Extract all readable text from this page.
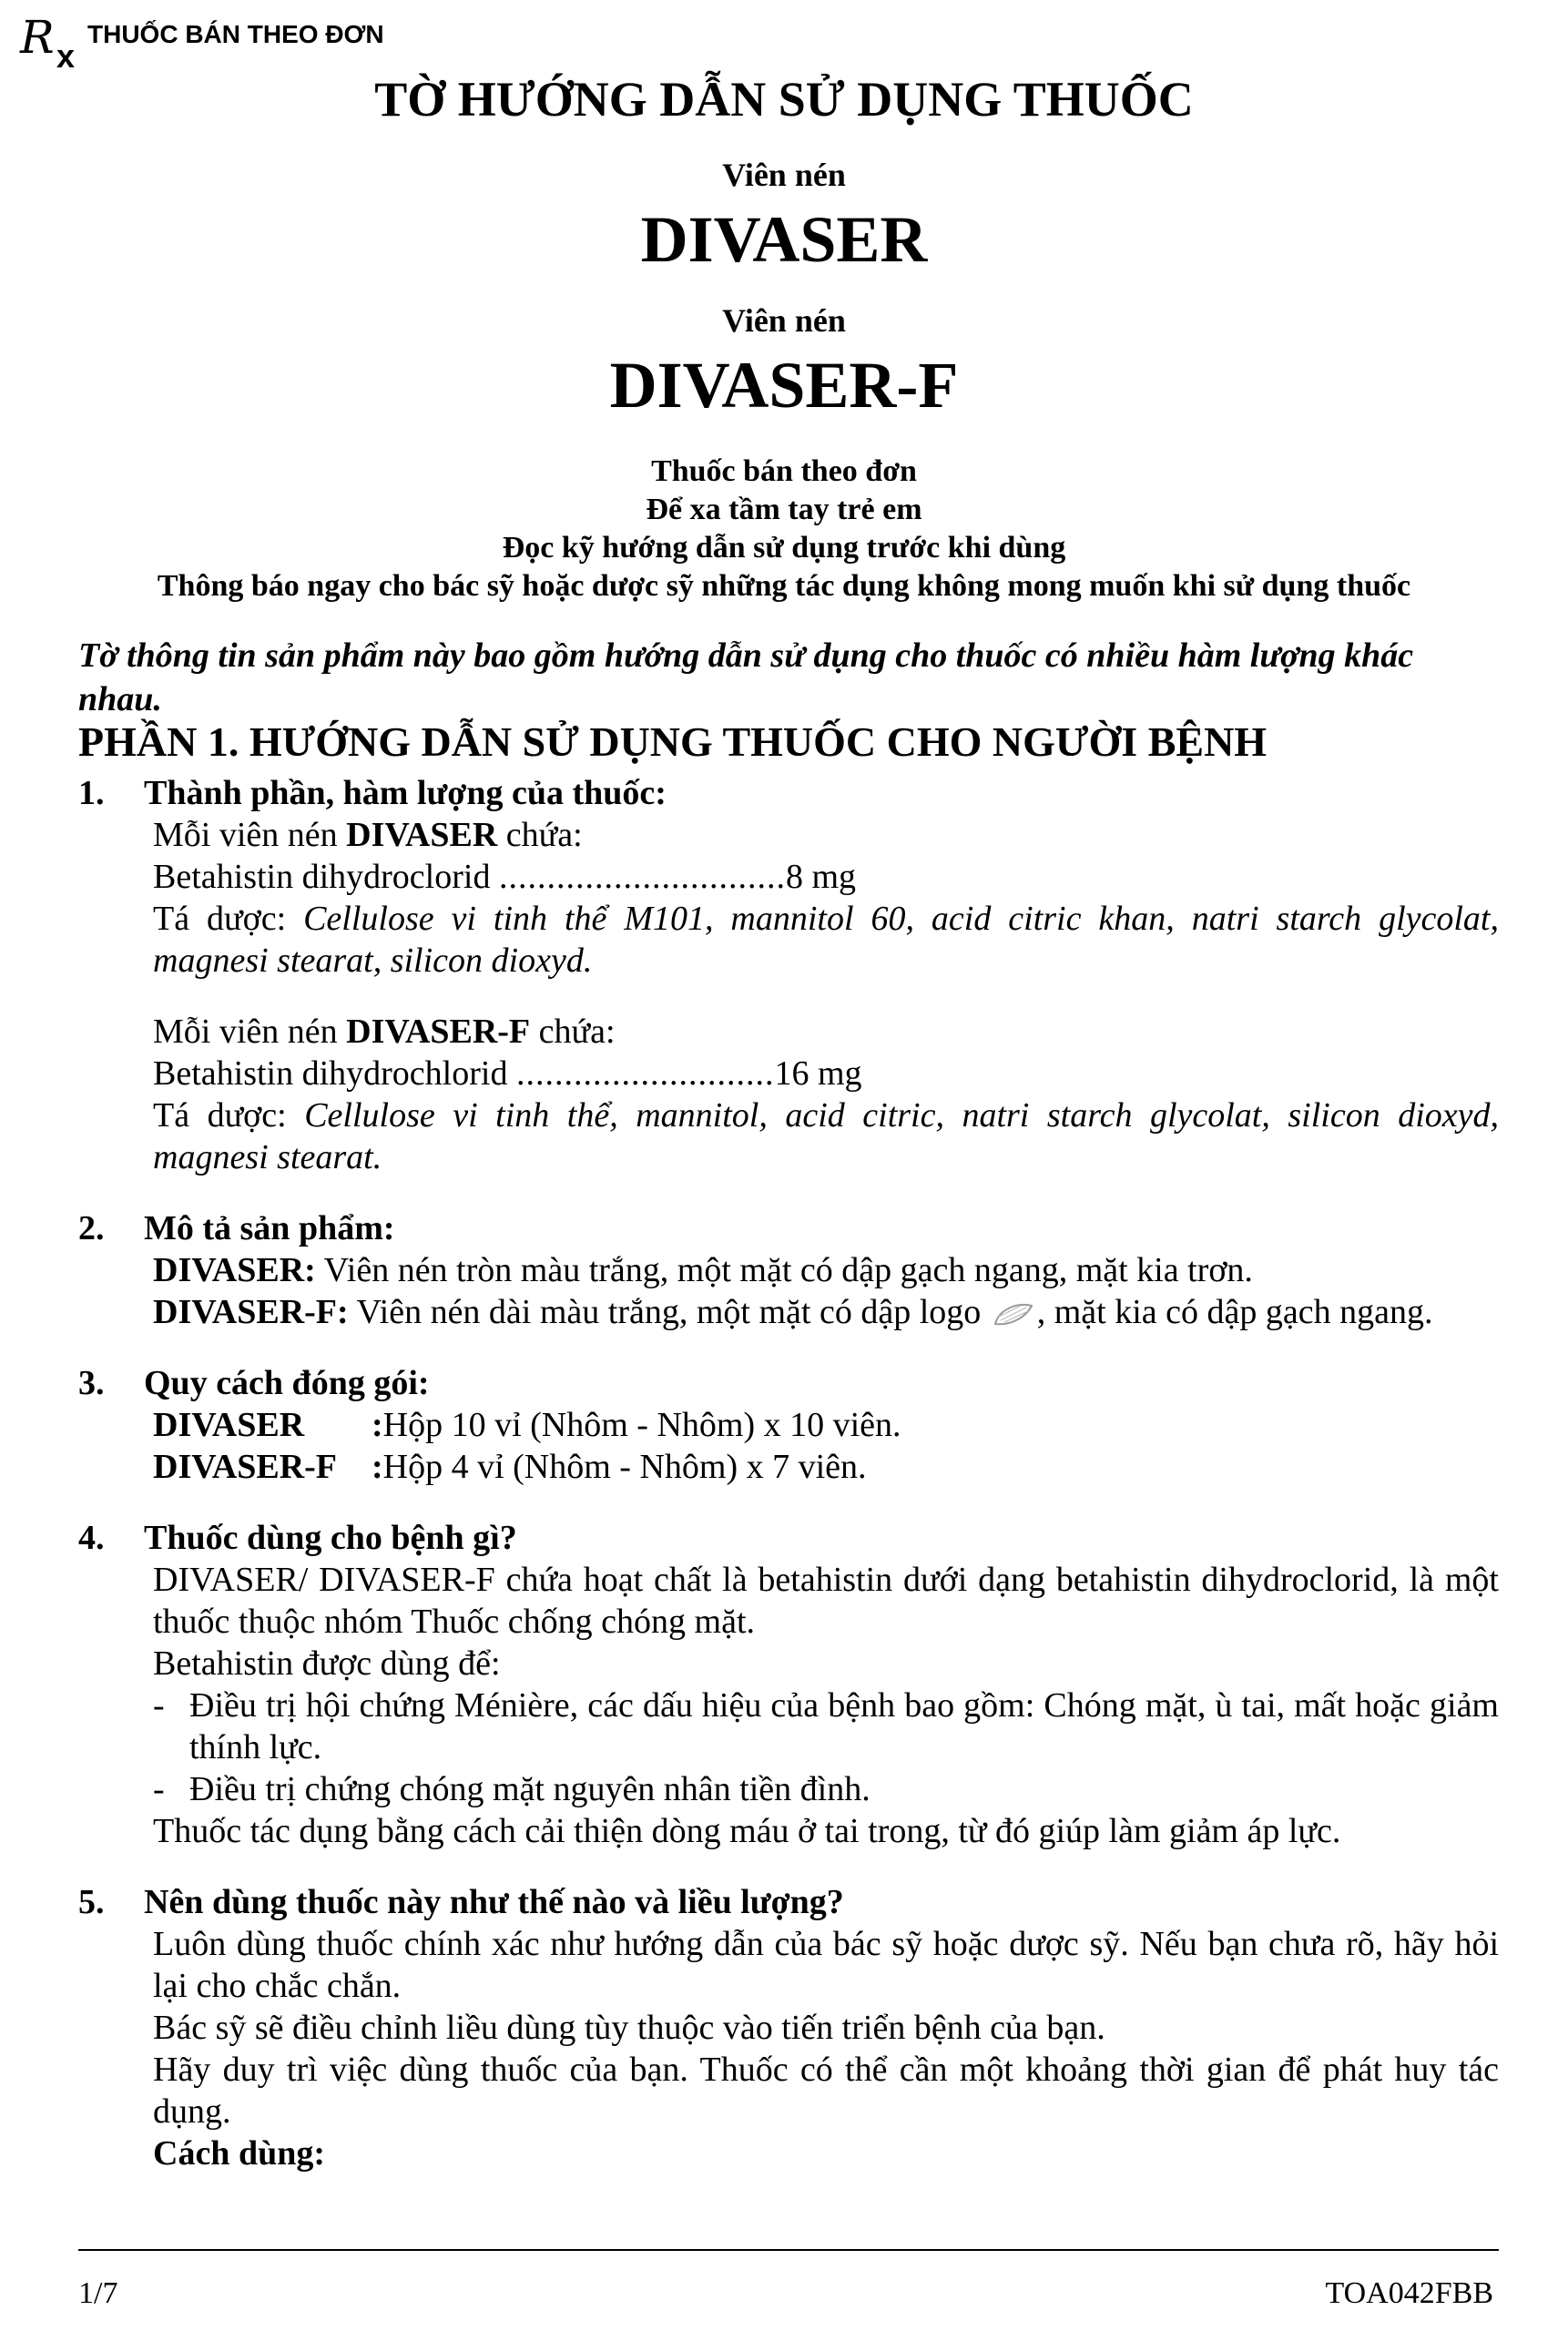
R x
THUỐC BÁN THEO ĐƠN
TỜ HƯỚNG DẪN SỬ DỤNG THUỐC
Viên nén
DIVASER
Viên nén
DIVASER-F
Thuốc bán theo đơn
Để xa tầm tay trẻ em
Đọc kỹ hướng dẫn sử dụng trước khi dùng
Thông báo ngay cho bác sỹ hoặc dược sỹ những tác dụng không mong muốn khi sử dụng thuốc
Tờ thông tin sản phẩm này bao gồm hướng dẫn sử dụng cho thuốc có nhiều hàm lượng khác nhau.
PHẦN 1. HƯỚNG DẪN SỬ DỤNG THUỐC CHO NGƯỜI BỆNH
1. Thành phần, hàm lượng của thuốc:
Mỗi viên nén DIVASER chứa:
Betahistin dihydroclorid ..............................8 mg
Tá dược: Cellulose vi tinh thể M101, mannitol 60, acid citric khan, natri starch glycolat, magnesi stearat, silicon dioxyd.
Mỗi viên nén DIVASER-F chứa:
Betahistin dihydrochlorid ...........................16 mg
Tá dược: Cellulose vi tinh thể, mannitol, acid citric, natri starch glycolat, silicon dioxyd, magnesi stearat.
2. Mô tả sản phẩm:
DIVASER: Viên nén tròn màu trắng, một mặt có dập gạch ngang, mặt kia trơn.
DIVASER-F: Viên nén dài màu trắng, một mặt có dập logo , mặt kia có dập gạch ngang.
3. Quy cách đóng gói:
DIVASER	: Hộp 10 vỉ (Nhôm - Nhôm) x 10 viên.
DIVASER-F : Hộp 4 vỉ (Nhôm - Nhôm) x 7 viên.
4. Thuốc dùng cho bệnh gì?
DIVASER/ DIVASER-F chứa hoạt chất là betahistin dưới dạng betahistin dihydroclorid, là một thuốc thuộc nhóm Thuốc chống chóng mặt.
Betahistin được dùng để:
- Điều trị hội chứng Ménière, các dấu hiệu của bệnh bao gồm: Chóng mặt, ù tai, mất hoặc giảm thính lực.
- Điều trị chứng chóng mặt nguyên nhân tiền đình.
Thuốc tác dụng bằng cách cải thiện dòng máu ở tai trong, từ đó giúp làm giảm áp lực.
5. Nên dùng thuốc này như thế nào và liều lượng?
Luôn dùng thuốc chính xác như hướng dẫn của bác sỹ hoặc dược sỹ. Nếu bạn chưa rõ, hãy hỏi lại cho chắc chắn.
Bác sỹ sẽ điều chỉnh liều dùng tùy thuộc vào tiến triển bệnh của bạn.
Hãy duy trì việc dùng thuốc của bạn. Thuốc có thể cần một khoảng thời gian để phát huy tác dụng.
Cách dùng:
1/7	TOA042FBB
